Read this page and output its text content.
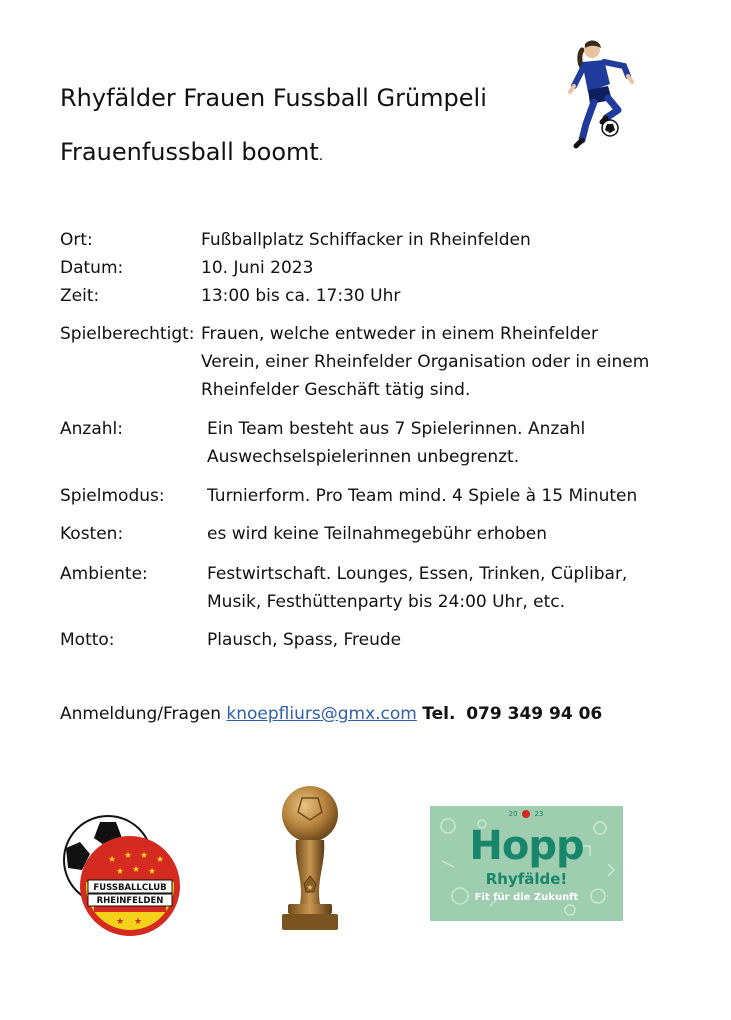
Rhyfälder Frauen Fussball Grümpeli
Frauenfussball boomt.
Ort:	Fußballplatz Schiffacker in Rheinfelden
Datum:	10. Juni 2023
Zeit:	13:00 bis ca. 17:30 Uhr
Spielberechtigt: Frauen, welche entweder in einem Rheinfelder
Verein, einer Rheinfelder Organisation oder in einem
Rheinfelder Geschäft tätig sind.
Anzahl:	Ein Team besteht aus 7 Spielerinnen. Anzahl
Auswechselspielerinnen unbegrenzt.
Spielmodus: Turnierform. Pro Team mind. 4 Spiele à 15 Minuten
Kosten:	es wird keine Teilnahmegebühr erhoben
Ambiente:	Festwirtschaft. Lounges, Essen, Trinken, Cüplibar,
Musik, Festhüttenparty bis 24:00 Uhr, etc.
Motto:	Plausch, Spass, Freude
Anmeldung/Fragen knoepfliurs@gmx.com Tel. 079 349 94 06
★ ★ ★ ★
★ ★ ★
FUSSBALLCLUB
RHEINFELDEN
★ ★
★
20 23
Hopp
Rhyfälde!
Fit für die Zukunft
